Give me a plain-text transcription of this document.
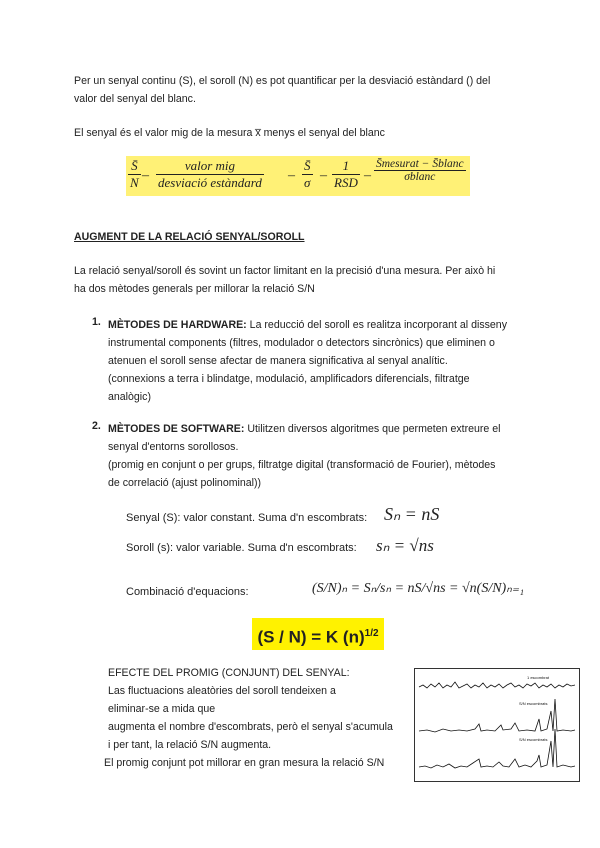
Per un senyal continu (S), el soroll (N) es pot quantificar per la desviació estàndard () del
valor del senyal del blanc.
El senyal és el valor mig de la mesura x̅ menys el senyal del blanc
$\frac{S̄}{N}$ –
valor mig
desviació estàndard – $\frac{S̄}{\sigma}$ –
1
RSD –
S̄mesurat − S̄blanc
σblanc
AUGMENT DE LA RELACIÓ SENYAL/SOROLL
La relació senyal/soroll és sovint un factor limitant en la precisió d'una mesura. Per això hi
ha dos mètodes generals per millorar la relació S/N
1. MÈTODES DE HARDWARE: La reducció del soroll es realitza incorporant al disseny
instrumental components (filtres, modulador o detectors sincrònics) que eliminen o
atenuen el soroll sense afectar de manera significativa al senyal analític.
(connexions a terra i blindatge, modulació, amplificadors diferencials, filtratge
analògic)
2. MÈTODES DE SOFTWARE: Utilitzen diversos algoritmes que permeten extreure el
senyal d'entorns sorollosos.
(promig en conjunt o per grups, filtratge digital (transformació de Fourier), mètodes
de correlació (ajust polinominal))
Senyal (S): valor constant. Suma d'n escombrats: Sₙ = nS
Soroll (s): valor variable. Suma d'n escombrats: sₙ = √ns
Combinació d'equacions:	(S/N)ₙ = Sₙ/sₙ = nS/√ns = √n(S/N)ₙ₌₁
(S / N) = K $(n)^{1/2}$
EFECTE DEL PROMIG (CONJUNT) DEL SENYAL:
Las fluctuacions aleatòries del soroll tendeixen a
eliminar-se a mida que
augmenta el nombre d'escombrats, però el senyal s'acumula
i per tant, la relació S/N augmenta.
El promig conjunt pot millorar en gran mesura la relació S/N
1 escombrat
S/N escombrats
S/N escombrats
